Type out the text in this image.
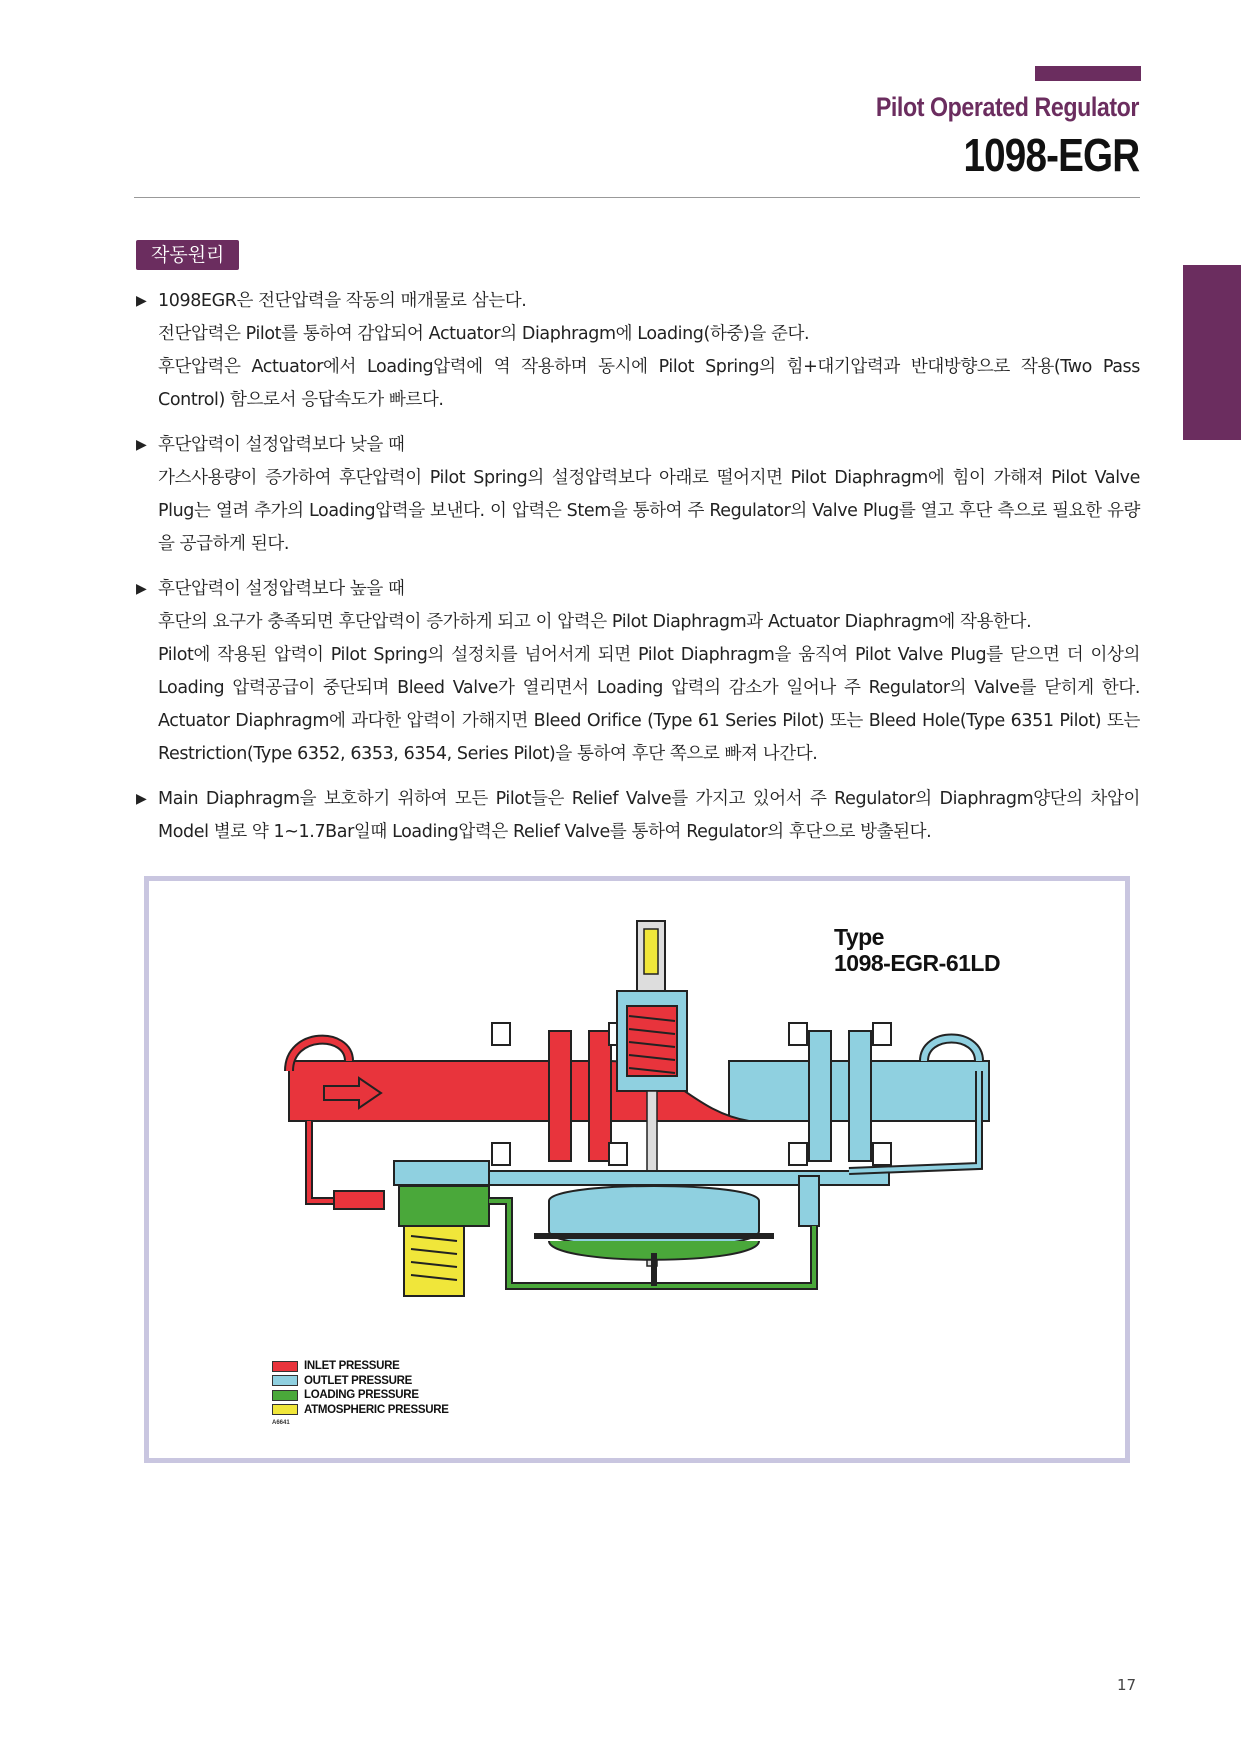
Pilot Operated Regulator
1098-EGR
작동원리
▶ 1098EGR은 전단압력을 작동의 매개물로 삼는다.

전단압력은 Pilot를 통하여 감압되어 Actuator의 Diaphragm에 Loading(하중)을 준다.

후단압력은 Actuator에서 Loading압력에 역 작용하며 동시에 Pilot Spring의 힘+대기압력과 반대방향으로 작용(Two Pass Control) 함으로서 응답속도가 빠르다.

▶ 후단압력이 설정압력보다 낮을 때

가스사용량이 증가하여 후단압력이 Pilot Spring의 설정압력보다 아래로 떨어지면 Pilot Diaphragm에 힘이 가해져 Pilot Valve Plug는 열려 추가의 Loading압력을 보낸다. 이 압력은 Stem을 통하여 주 Regulator의 Valve Plug를 열고 후단 측으로 필요한 유량을 공급하게 된다.

▶ 후단압력이 설정압력보다 높을 때

후단의 요구가 충족되면 후단압력이 증가하게 되고 이 압력은 Pilot Diaphragm과 Actuator Diaphragm에 작용한다.

Pilot에 작용된 압력이 Pilot Spring의 설정치를 넘어서게 되면 Pilot Diaphragm을 움직여 Pilot Valve Plug를 닫으면 더 이상의 Loading 압력공급이 중단되며 Bleed Valve가 열리면서 Loading 압력의 감소가 일어나 주 Regulator의 Valve를 닫히게 한다. Actuator Diaphragm에 과다한 압력이 가해지면 Bleed Orifice (Type 61 Series Pilot) 또는 Bleed Hole(Type 6351 Pilot) 또는 Restriction(Type 6352, 6353, 6354, Series Pilot)을 통하여 후단 쪽으로 빠져 나간다.

▶ Main Diaphragm을 보호하기 위하여 모든 Pilot들은 Relief Valve를 가지고 있어서 주 Regulator의 Diaphragm양단의 차압이 Model 별로 약 1~1.7Bar일때 Loading압력은 Relief Valve를 통하여 Regulator의 후단으로 방출된다.

Type
1098-EGR-61LD
INLET PRESSURE
OUTLET PRESSURE
LOADING PRESSURE
ATMOSPHERIC PRESSURE
A6641
17
